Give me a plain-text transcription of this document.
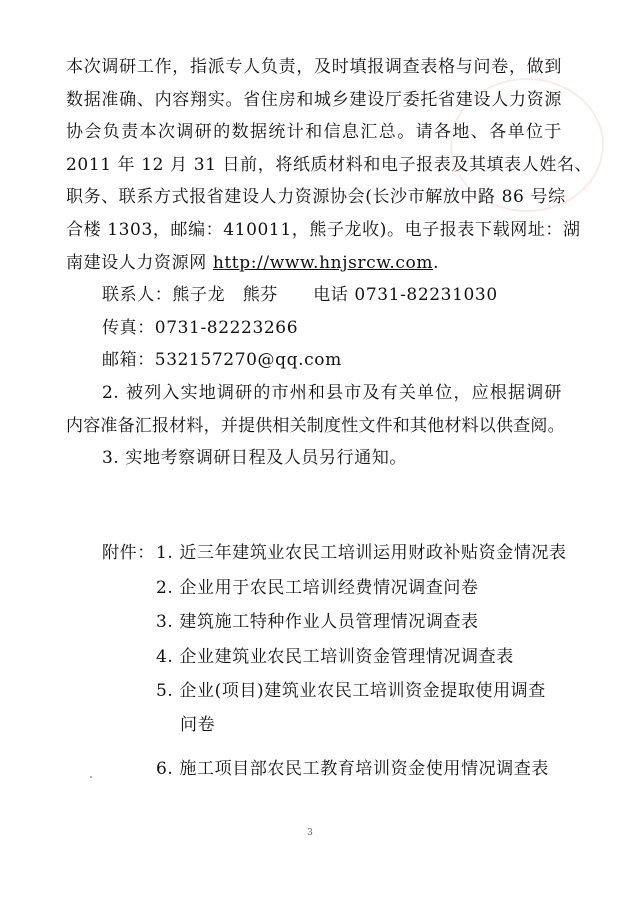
本次调研工作，指派专人负责，及时填报调查表格与问卷，做到
数据准确、内容翔实。省住房和城乡建设厅委托省建设人力资源
协会负责本次调研的数据统计和信息汇总。请各地、各单位于
2011 年 12 月 31 日前，将纸质材料和电子报表及其填表人姓名、
职务、联系方式报省建设人力资源协会(长沙市解放中路 86 号综
合楼 1303，邮编：410011，熊子龙收)。电子报表下载网址：湖
南建设人力资源网 http://www.hnjsrcw.com.
联系人：熊子龙　熊芬　　电话 0731-82231030
传真：0731-82223266
邮箱：532157270@qq.com
2. 被列入实地调研的市州和县市及有关单位，应根据调研
内容准备汇报材料，并提供相关制度性文件和其他材料以供查阅。
3. 实地考察调研日程及人员另行通知。
附件： 1. 近三年建筑业农民工培训运用财政补贴资金情况表
2. 企业用于农民工培训经费情况调查问卷
3. 建筑施工特种作业人员管理情况调查表
4. 企业建筑业农民工培训资金管理情况调查表
5. 企业(项目)建筑业农民工培训资金提取使用调查
问卷
3
6. 施工项目部农民工教育培训资金使用情况调查表
